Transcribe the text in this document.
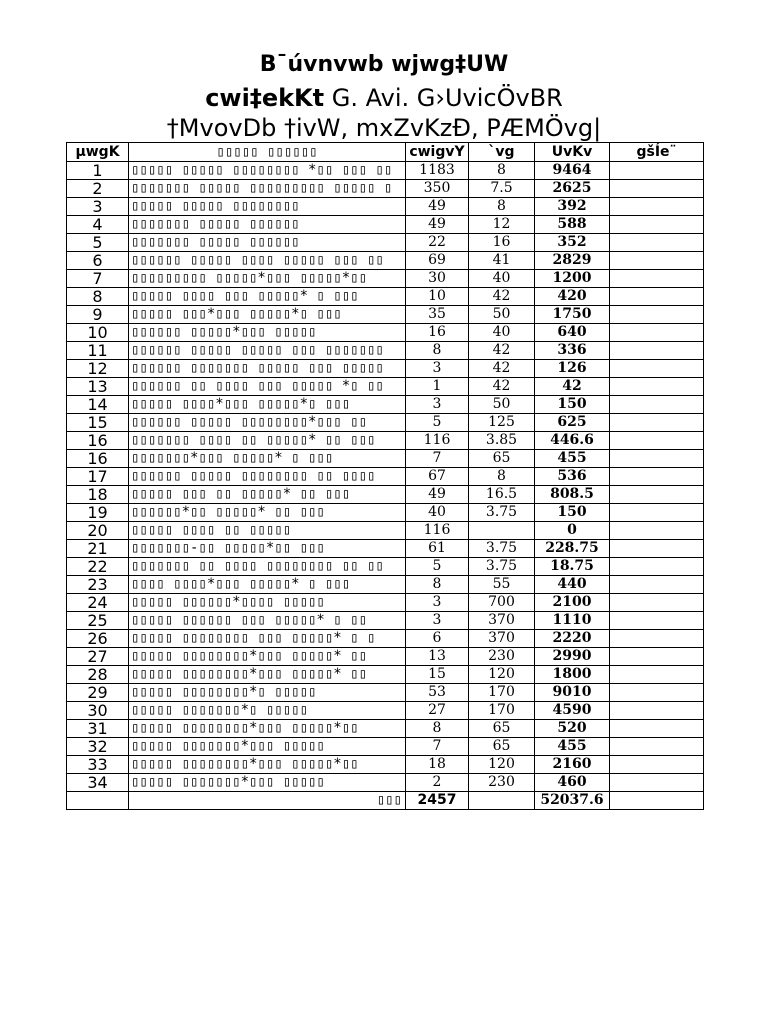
B¯úvnvwb wjwg‡UW
cwi‡ekKt G. Avi. G›UvicÖvBR
†MvovDb †ivW, mxZvKzÐ, PÆMÖvg|
µwgK	▯▯▯▯▯ ▯▯▯▯▯▯	cwigvY	`vg	UvKv	gšÍe¨
1	▯▯▯▯▯ ▯▯▯▯▯ ▯▯▯▯▯▯▯▯ *▯▯ ▯▯▯ ▯▯	1183	8	9464	
2	▯▯▯▯▯▯▯ ▯▯▯▯▯ ▯▯▯▯▯▯▯▯▯ ▯▯▯▯▯ ▯	350	7.5	2625	
3	▯▯▯▯▯ ▯▯▯▯▯ ▯▯▯▯▯▯▯▯	49	8	392	
4	▯▯▯▯▯▯▯ ▯▯▯▯▯ ▯▯▯▯▯▯	49	12	588	
5	▯▯▯▯▯▯▯ ▯▯▯▯▯ ▯▯▯▯▯▯	22	16	352	
6	▯▯▯▯▯▯ ▯▯▯▯▯ ▯▯▯▯ ▯▯▯▯▯ ▯▯▯ ▯▯	69	41	2829	
7	▯▯▯▯▯▯▯▯▯ ▯▯▯▯▯*▯▯▯ ▯▯▯▯▯*▯▯	30	40	1200	
8	▯▯▯▯▯ ▯▯▯▯ ▯▯▯ ▯▯▯▯▯* ▯ ▯▯▯	10	42	420	
9	▯▯▯▯▯ ▯▯▯*▯▯▯ ▯▯▯▯▯*▯ ▯▯▯	35	50	1750	
10	▯▯▯▯▯▯ ▯▯▯▯▯*▯▯▯ ▯▯▯▯▯	16	40	640	
11	▯▯▯▯▯▯ ▯▯▯▯▯ ▯▯▯▯▯ ▯▯▯ ▯▯▯▯▯▯▯	8	42	336	
12	▯▯▯▯▯▯ ▯▯▯▯▯▯▯ ▯▯▯▯▯ ▯▯▯ ▯▯▯▯▯	3	42	126	
13	▯▯▯▯▯▯ ▯▯ ▯▯▯▯ ▯▯▯ ▯▯▯▯▯ *▯ ▯▯	1	42	42	
14	▯▯▯▯▯ ▯▯▯▯*▯▯▯ ▯▯▯▯▯*▯ ▯▯▯	3	50	150	
15	▯▯▯▯▯▯ ▯▯▯▯▯ ▯▯▯▯▯▯▯▯*▯▯▯ ▯▯	5	125	625	
16	▯▯▯▯▯▯▯ ▯▯▯▯ ▯▯ ▯▯▯▯▯* ▯▯ ▯▯▯	116	3.85	446.6	
16	▯▯▯▯▯▯▯*▯▯▯ ▯▯▯▯▯* ▯ ▯▯▯	7	65	455	
17	▯▯▯▯▯▯ ▯▯▯▯▯ ▯▯▯▯▯▯▯▯ ▯▯ ▯▯▯▯	67	8	536	
18	▯▯▯▯▯ ▯▯▯ ▯▯ ▯▯▯▯▯* ▯▯ ▯▯▯	49	16.5	808.5	
19	▯▯▯▯▯▯*▯▯ ▯▯▯▯▯* ▯▯ ▯▯▯	40	3.75	150	
20	▯▯▯▯▯ ▯▯▯▯ ▯▯ ▯▯▯▯▯	116		0	
21	▯▯▯▯▯▯▯-▯▯ ▯▯▯▯▯*▯▯ ▯▯▯	61	3.75	228.75	
22	▯▯▯▯▯▯▯ ▯▯ ▯▯▯▯ ▯▯▯▯▯▯▯▯ ▯▯ ▯▯	5	3.75	18.75	
23	▯▯▯▯ ▯▯▯▯*▯▯▯ ▯▯▯▯▯* ▯ ▯▯▯	8	55	440	
24	▯▯▯▯▯ ▯▯▯▯▯▯*▯▯▯▯ ▯▯▯▯▯	3	700	2100	
25	▯▯▯▯▯ ▯▯▯▯▯▯ ▯▯▯ ▯▯▯▯▯* ▯ ▯▯	3	370	1110	
26	▯▯▯▯▯ ▯▯▯▯▯▯▯▯ ▯▯▯ ▯▯▯▯▯* ▯ ▯	6	370	2220	
27	▯▯▯▯▯ ▯▯▯▯▯▯▯▯*▯▯▯ ▯▯▯▯▯* ▯▯	13	230	2990	
28	▯▯▯▯▯ ▯▯▯▯▯▯▯▯*▯▯▯ ▯▯▯▯▯* ▯▯	15	120	1800	
29	▯▯▯▯▯ ▯▯▯▯▯▯▯▯*▯ ▯▯▯▯▯	53	170	9010	
30	▯▯▯▯▯ ▯▯▯▯▯▯▯*▯ ▯▯▯▯▯	27	170	4590	
31	▯▯▯▯▯ ▯▯▯▯▯▯▯▯*▯▯▯ ▯▯▯▯▯*▯▯	8	65	520	
32	▯▯▯▯▯ ▯▯▯▯▯▯▯*▯▯▯ ▯▯▯▯▯	7	65	455	
33	▯▯▯▯▯ ▯▯▯▯▯▯▯▯*▯▯▯ ▯▯▯▯▯*▯▯	18	120	2160	
34	▯▯▯▯▯ ▯▯▯▯▯▯▯*▯▯▯ ▯▯▯▯▯	2	230	460	
	▯▯▯	2457		52037.6	
